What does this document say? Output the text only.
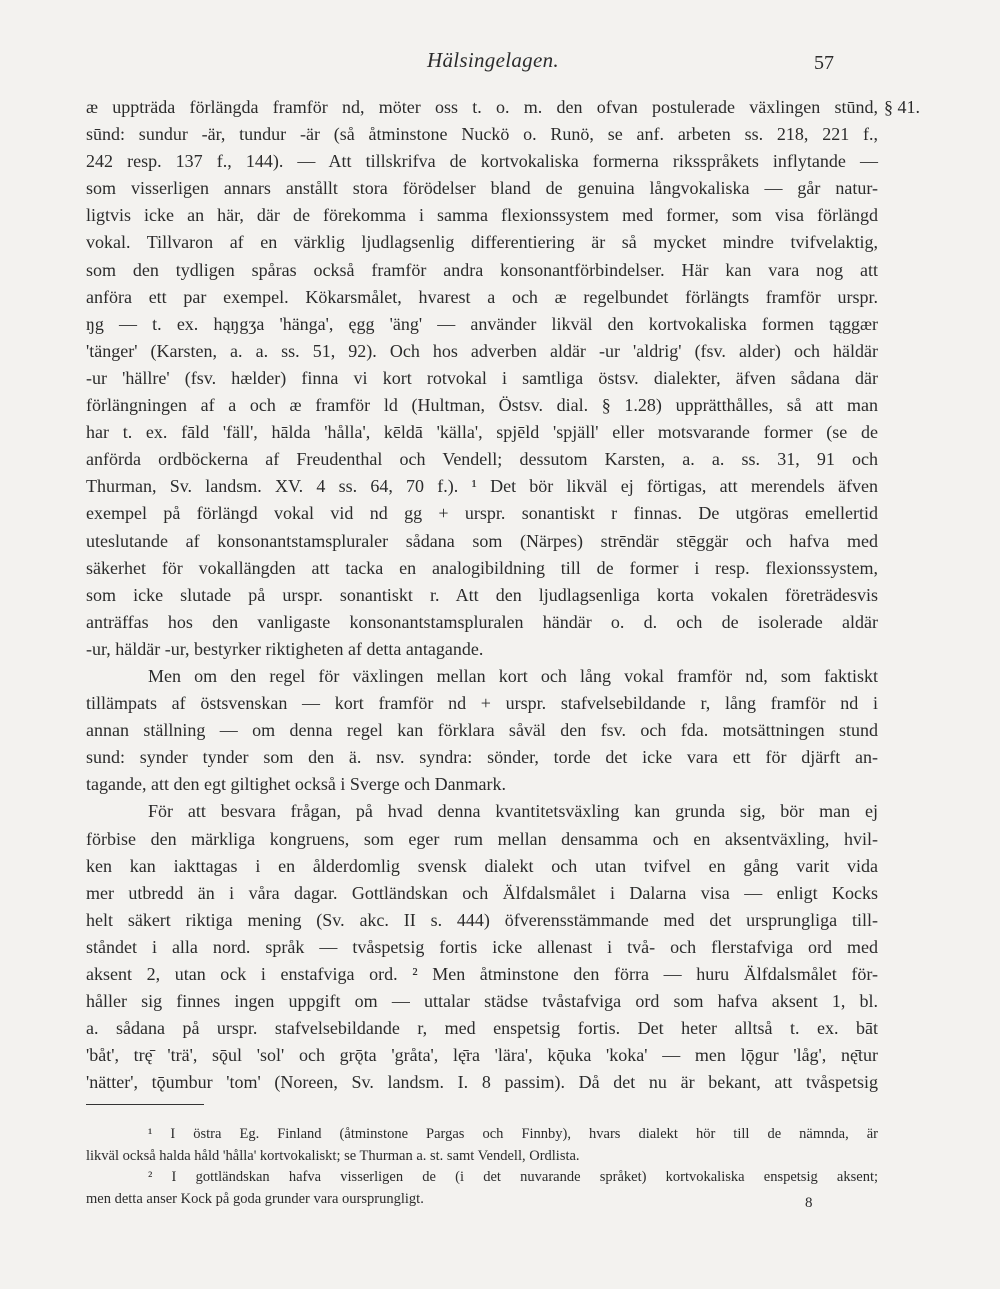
Hälsingelagen.	57
§ 41.
æ uppträda förlängda framför nd, möter oss t. o. m. den ofvan postulerade växlingen stūnd,
sūnd: sundur -är, tundur -är (så åtminstone Nuckö o. Runö, se anf. arbeten ss. 218, 221 f.,
242 resp. 137 f., 144). — Att tillskrifva de kortvokaliska formerna riksspråkets inflytande —
som visserligen annars anstållt stora förödelser bland de genuina långvokaliska — går natur-
ligtvis icke an här, där de förekomma i samma flexionssystem med former, som visa förlängd
vokal. Tillvaron af en värklig ljudlagsenlig differentiering är så mycket mindre tvifvelaktig,
som den tydligen spåras också framför andra konsonantförbindelser. Här kan vara nog att
anföra ett par exempel. Kökarsmålet, hvarest a och æ regelbundet förlängts framför urspr.
ŋg — t. ex. hąŋgʒa 'hänga', ęgg 'äng' — använder likväl den kortvokaliska formen tąggær
'tänger' (Karsten, a. a. ss. 51, 92). Och hos adverben aldär -ur 'aldrig' (fsv. alder) och häldär
-ur 'hällre' (fsv. hælder) finna vi kort rotvokal i samtliga östsv. dialekter, äfven sådana där
förlängningen af a och æ framför ld (Hultman, Östsv. dial. § 1.28) upprätthålles, så att man
har t. ex. fāld 'fäll', hālda 'hålla', kēldā 'källa', spjēld 'spjäll' eller motsvarande former (se de
anförda ordböckerna af Freudenthal och Vendell; dessutom Karsten, a. a. ss. 31, 91 och
Thurman, Sv. landsm. XV. 4 ss. 64, 70 f.). ¹ Det bör likväl ej förtigas, att merendels äfven
exempel på förlängd vokal vid nd gg + urspr. sonantiskt r finnas. De utgöras emellertid
uteslutande af konsonantstamspluraler sådana som (Närpes) strēndär stēggär och hafva med
säkerhet för vokallängden att tacka en analogibildning till de former i resp. flexionssystem,
som icke slutade på urspr. sonantiskt r. Att den ljudlagsenliga korta vokalen företrädesvis
anträffas hos den vanligaste konsonantstamspluralen händär o. d. och de isolerade aldär
-ur, häldär -ur, bestyrker riktigheten af detta antagande.
Men om den regel för växlingen mellan kort och lång vokal framför nd, som faktiskt
tillämpats af östsvenskan — kort framför nd + urspr. stafvelsebildande r, lång framför nd i
annan ställning — om denna regel kan förklara såväl den fsv. och fda. motsättningen stund
sund: synder tynder som den ä. nsv. syndra: sönder, torde det icke vara ett för djärft an-
tagande, att den egt giltighet också i Sverge och Danmark.
För att besvara frågan, på hvad denna kvantitetsväxling kan grunda sig, bör man ej
förbise den märkliga kongruens, som eger rum mellan densamma och en aksentväxling, hvil-
ken kan iakttagas i en ålderdomlig svensk dialekt och utan tvifvel en gång varit vida
mer utbredd än i våra dagar. Gottländskan och Älfdalsmålet i Dalarna visa — enligt Kocks
helt säkert riktiga mening (Sv. akc. II s. 444) öfverensstämmande med det ursprungliga till-
ståndet i alla nord. språk — tvåspetsig fortis icke allenast i två- och flerstafviga ord med
aksent 2, utan ock i enstafviga ord. ² Men åtminstone den förra — huru Älfdalsmålet för-
håller sig finnes ingen uppgift om — uttalar städse tvåstafviga ord som hafva aksent 1, bl.
a. sådana på urspr. stafvelsebildande r, med enspetsig fortis. Det heter alltså t. ex. bāt
'båt', trę̄ 'trä', sǭul 'sol' och grǭta 'gråta', lę̄ra 'lära', kǭuka 'koka' — men lǭgur 'låg', nę̄tur
'nätter', tǭumbur 'tom' (Noreen, Sv. landsm. I. 8 passim). Då det nu är bekant, att tvåspetsig
¹ I östra Eg. Finland (åtminstone Pargas och Finnby), hvars dialekt hör till de nämnda, är
likväl också halda håld 'hålla' kortvokaliskt; se Thurman a. st. samt Vendell, Ordlista.
² I gottländskan hafva visserligen de (i det nuvarande språket) kortvokaliska enspetsig aksent;
men detta anser Kock på goda grunder vara oursprungligt.	8
